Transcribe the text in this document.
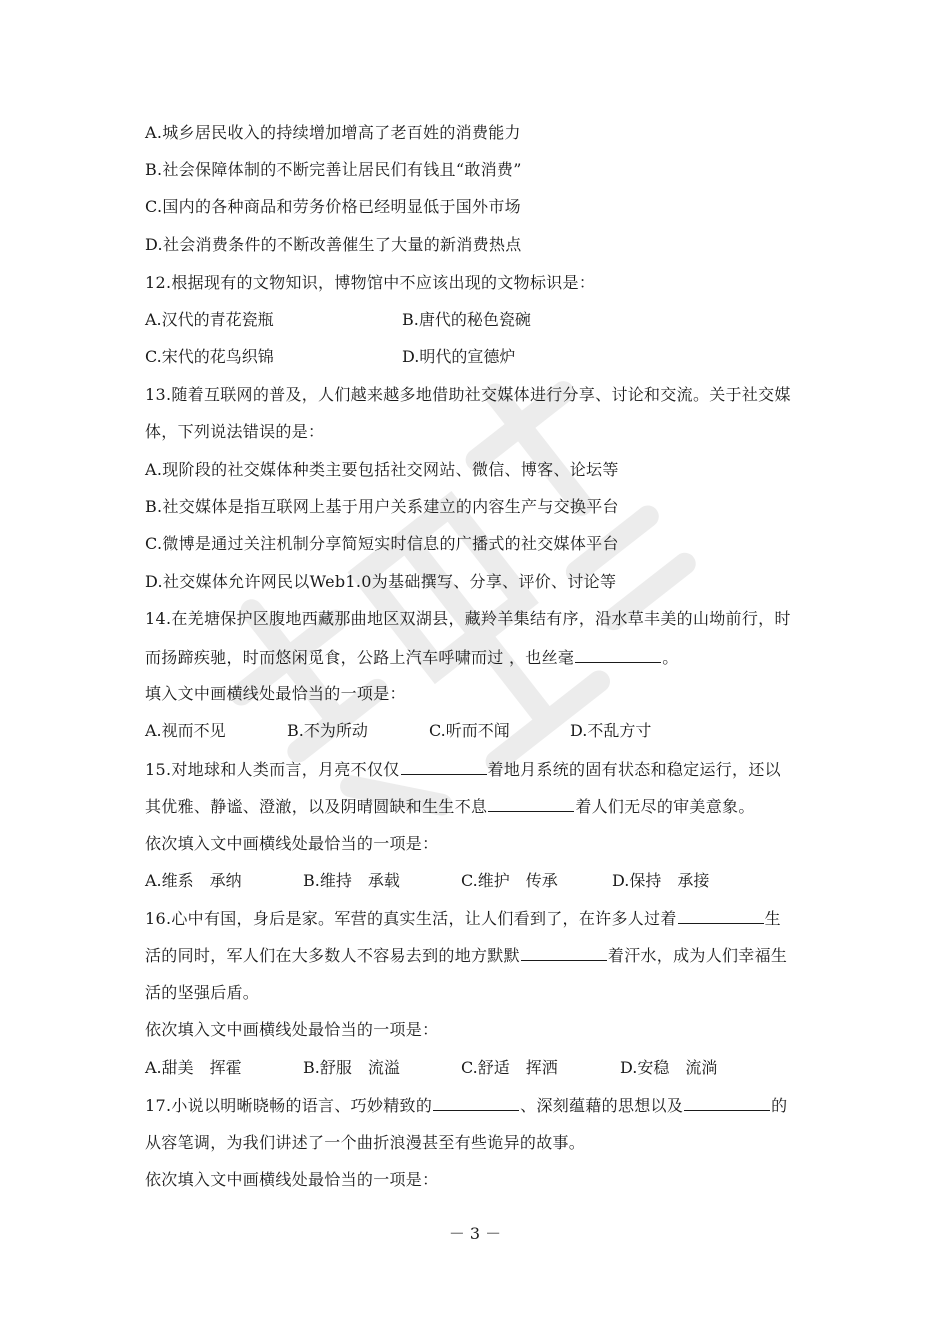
A.城乡居民收入的持续增加增高了老百姓的消费能力
B.社会保障体制的不断完善让居民们有钱且“敢消费”
C.国内的各种商品和劳务价格已经明显低于国外市场
D.社会消费条件的不断改善催生了大量的新消费热点
12.根据现有的文物知识，博物馆中不应该出现的文物标识是：
A.汉代的青花瓷瓶	B.唐代的秘色瓷碗
C.宋代的花鸟织锦	D.明代的宣德炉
13.随着互联网的普及，人们越来越多地借助社交媒体进行分享、讨论和交流。关于社交媒
体，下列说法错误的是：
A.现阶段的社交媒体种类主要包括社交网站、微信、博客、论坛等
B.社交媒体是指互联网上基于用户关系建立的内容生产与交换平台
C.微博是通过关注机制分享简短实时信息的广播式的社交媒体平台
D.社交媒体允许网民以Web1.0为基础撰写、分享、评价、讨论等
14.在羌塘保护区腹地西藏那曲地区双湖县，藏羚羊集结有序，沿水草丰美的山坳前行，时
而扬蹄疾驰，时而悠闲觅食，公路上汽车呼啸而过 ，也丝毫	。
填入文中画横线处最恰当的一项是：
A.视而不见	B.不为所动	C.听而不闻	D.不乱方寸
15.对地球和人类而言，月亮不仅仅	着地月系统的固有状态和稳定运行，还以
其优雅、静谧、澄澈，以及阴晴圆缺和生生不息	着人们无尽的审美意象。
依次填入文中画横线处最恰当的一项是：
A.维系　承纳	B.维持　承载	C.维护　传承	D.保持　承接
16.心中有国，身后是家。军营的真实生活，让人们看到了，在许多人过着	生
活的同时，军人们在大多数人不容易去到的地方默默	着汗水，成为人们幸福生
活的坚强后盾。
依次填入文中画横线处最恰当的一项是：
A.甜美　挥霍	B.舒服　流溢	C.舒适　挥洒	D.安稳　流淌
17.小说以明晰晓畅的语言、巧妙精致的	、深刻蕴藉的思想以及	的
从容笔调，为我们讲述了一个曲折浪漫甚至有些诡异的故事。
依次填入文中画横线处最恰当的一项是：
－ 3 －
